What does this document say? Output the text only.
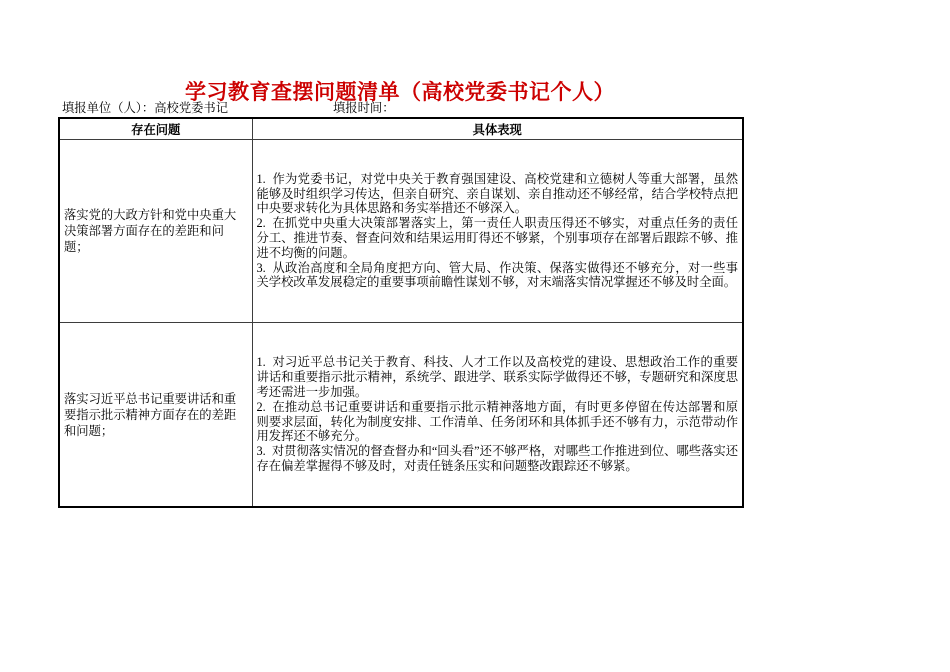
学习教育查摆问题清单（高校党委书记个人）
填报单位（人）：高校党委书记	填报时间：
存在问题	具体表现
落实党的大政方针和党中央重大决策部署方面存在的差距和问题；	1.  作为党委书记，对党中央关于教育强国建设、高校党建和立德树人等重大部署，虽然能够及时组织学习传达，但亲自研究、亲自谋划、亲自推动还不够经常，结合学校特点把中央要求转化为具体思路和务实举措还不够深入。

2.  在抓党中央重大决策部署落实上，第一责任人职责压得还不够实，对重点任务的责任分工、推进节奏、督查问效和结果运用盯得还不够紧，个别事项存在部署后跟踪不够、推进不均衡的问题。

3.  从政治高度和全局角度把方向、管大局、作决策、保落实做得还不够充分，对一些事关学校改革发展稳定的重要事项前瞻性谋划不够，对末端落实情况掌握还不够及时全面。

落实习近平总书记重要讲话和重要指示批示精神方面存在的差距和问题；	1.  对习近平总书记关于教育、科技、人才工作以及高校党的建设、思想政治工作的重要讲话和重要指示批示精神，系统学、跟进学、联系实际学做得还不够，专题研究和深度思考还需进一步加强。

2.  在推动总书记重要讲话和重要指示批示精神落地方面，有时更多停留在传达部署和原则要求层面，转化为制度安排、工作清单、任务闭环和具体抓手还不够有力，示范带动作用发挥还不够充分。

3.  对贯彻落实情况的督查督办和“回头看”还不够严格，对哪些工作推进到位、哪些落实还存在偏差掌握得不够及时，对责任链条压实和问题整改跟踪还不够紧。
